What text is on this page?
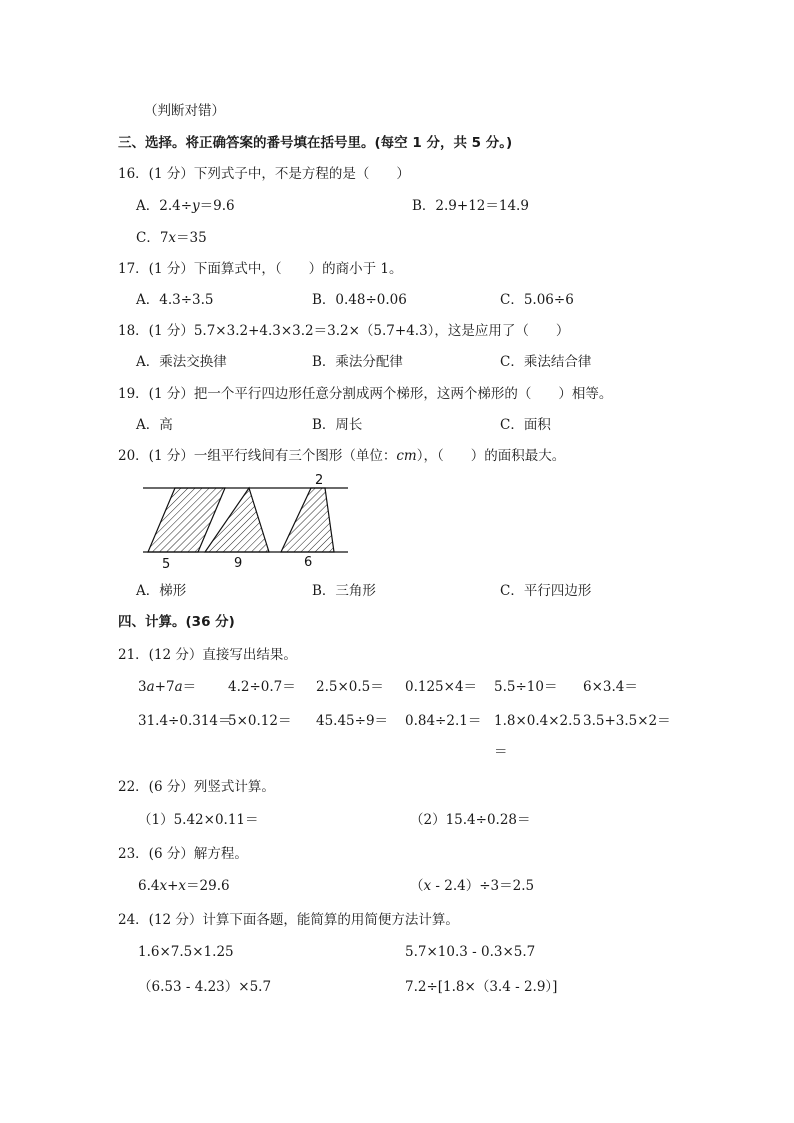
（判断对错）
三、选择。将正确答案的番号填在括号里。(每空 1 分，共 5 分。)
16．(1 分）下列式子中，不是方程的是（　　）
A．2.4÷y＝9.6	B．2.9+12＝14.9
C．7x＝35
17．(1 分）下面算式中，（　　）的商小于 1。
A．4.3÷3.5	B．0.48÷0.06	C．5.06÷6
18．(1 分）5.7×3.2+4.3×3.2＝3.2×（5.7+4.3），这是应用了（　　）
A．乘法交换律	B．乘法分配律	C．乘法结合律
19．(1 分）把一个平行四边形任意分割成两个梯形，这两个梯形的（　　）相等。
A．高	B．周长	C．面积
20．(1 分）一组平行线间有三个图形（单位：cm），（　　）的面积最大。
2
5	9	6
A．梯形	B．三角形	C．平行四边形
四、计算。(36 分)
21．(12 分）直接写出结果。
3a+7a＝ 4.2÷0.7＝ 2.5×0.5＝ 0.125×4＝ 5.5÷10＝ 6×3.4＝
31.4÷0.314＝
5×0.12＝ 45.45÷9＝ 0.84÷2.1＝ 1.8×0.4×2.5 3.5+3.5×2＝
＝
22．(6 分）列竖式计算。
（1）5.42×0.11＝	（2）15.4÷0.28＝
23．(6 分）解方程。
6.4x+x＝29.6	（x - 2.4）÷3＝2.5
24．(12 分）计算下面各题，能简算的用简便方法计算。
1.6×7.5×1.25	5.7×10.3 - 0.3×5.7
（6.53 - 4.23）×5.7	7.2÷[1.8×（3.4 - 2.9）]
